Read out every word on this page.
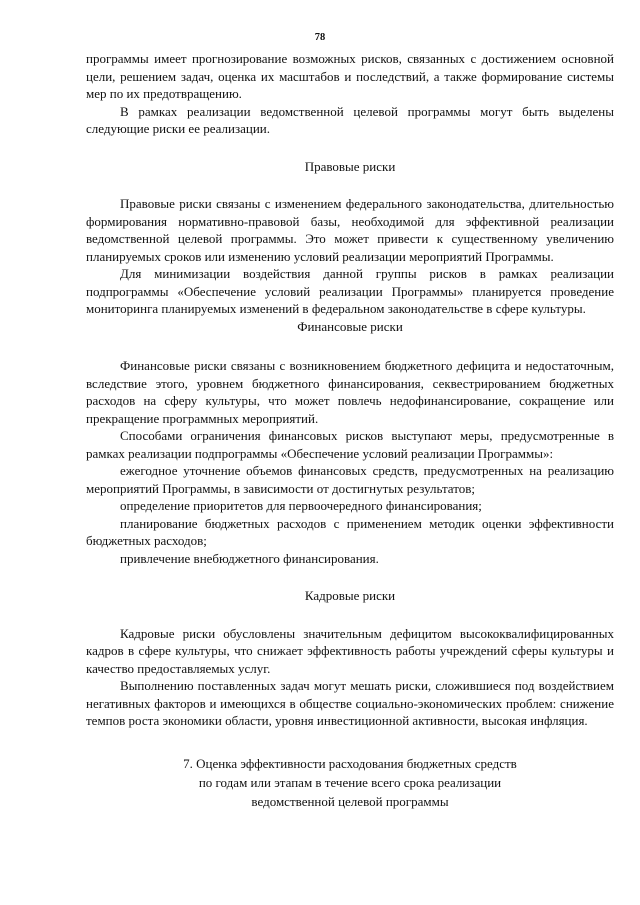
78

программы имеет прогнозирование возможных рисков, связанных с достижением основной цели, решением задач, оценка их масштабов и последствий, а также формирование системы мер по их предотвращению.

В рамках реализации ведомственной целевой программы могут быть выделены следующие риски ее реализации.

Правовые риски

Правовые риски связаны с изменением федерального законодательства, длительностью формирования нормативно-правовой базы, необходимой для эффективной реализации ведомственной целевой программы. Это может привести к существенному увеличению планируемых сроков или изменению условий реализации мероприятий Программы.

Для минимизации воздействия данной группы рисков в рамках реализации подпрограммы «Обеспечение условий реализации Программы» планируется проведение мониторинга планируемых изменений в федеральном законодательстве в сфере культуры.

Финансовые риски

Финансовые риски связаны с возникновением бюджетного дефицита и недостаточным, вследствие этого, уровнем бюджетного финансирования, секвестрированием бюджетных расходов на сферу культуры, что может повлечь недофинансирование, сокращение или прекращение программных мероприятий.

Способами ограничения финансовых рисков выступают меры, предусмотренные в рамках реализации подпрограммы «Обеспечение условий реализации Программы»:

ежегодное уточнение объемов финансовых средств, предусмотренных на реализацию мероприятий Программы, в зависимости от достигнутых результатов;

определение приоритетов для первоочередного финансирования;

планирование бюджетных расходов с применением методик оценки эффективности бюджетных расходов;

привлечение внебюджетного финансирования.

Кадровые риски

Кадровые риски обусловлены значительным дефицитом высококвалифицированных кадров в сфере культуры, что снижает эффективность работы учреждений сферы культуры и качество предоставляемых услуг.

Выполнению поставленных задач могут мешать риски, сложившиеся под воздействием негативных факторов и имеющихся в обществе социально-экономических проблем: снижение темпов роста экономики области, уровня инвестиционной активности, высокая инфляция.

7. Оценка эффективности расходования бюджетных средств
по годам или этапам в течение всего срока реализации
ведомственной целевой программы
